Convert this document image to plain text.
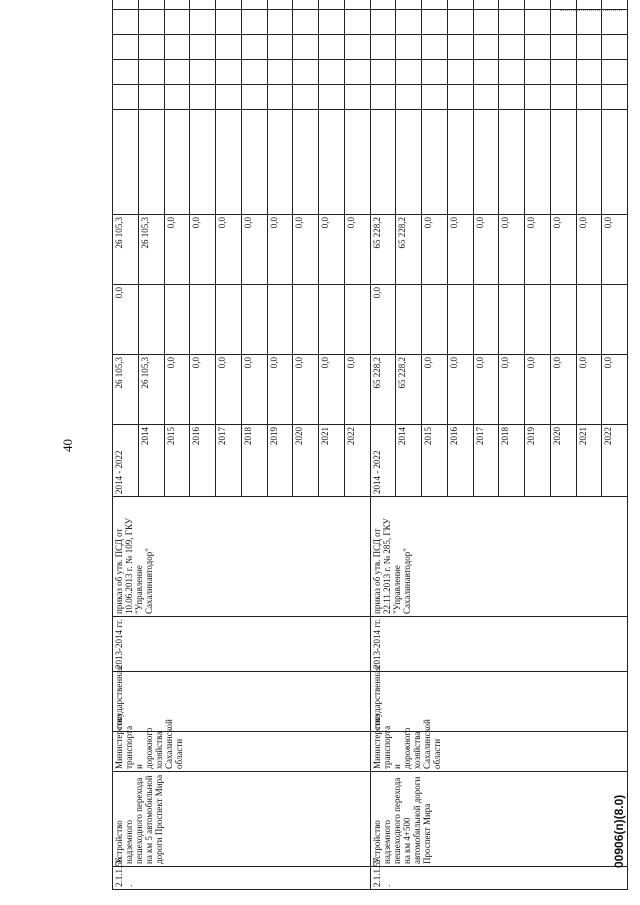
40
2.1.1.56 .	Устройство надземного пешеходного перехода на км 5 автомобильной дороги Проспект Мира	Министерство транспорта и дорожного хозяйства Сахалинской области	государственная	2013-2014 гг.	приказ об утв. ПСД от 10.06.2013 г. № 109, ГКУ "Управление Сахалинавтодор"	2014 - 2022	26 105,3	0,0	26 105,3							
						2014	26 105,3		26 105,3							
						2015	0,0		0,0							
						2016	0,0		0,0							
						2017	0,0		0,0							
						2018	0,0		0,0							
						2019	0,0		0,0							
						2020	0,0		0,0							
						2021	0,0		0,0							
						2022	0,0		0,0							
2.1.1.57 .	Устройство надземного пешеходного перехода на км 4+500 автомобильной дороги Проспект Мира	Министерство транспорта и дорожного хозяйства Сахалинской области	государственная	2013-2014 гг.	приказ об утв. ПСД от 22.11.2013 г. № 285, ГКУ "Управление Сахалинавтодор"	2014 - 2022	65 228,2	0,0	65 228,2							
						2014	65 228,2		65 228,2							
						2015	0,0		0,0							
						2016	0,0		0,0							
						2017	0,0		0,0							
						2018	0,0		0,0							
						2019	0,0		0,0							
						2020	0,0		0,0							
						2021	0,0		0,0							
						2022	0,0		0,0							
00906(п)(8.0)
